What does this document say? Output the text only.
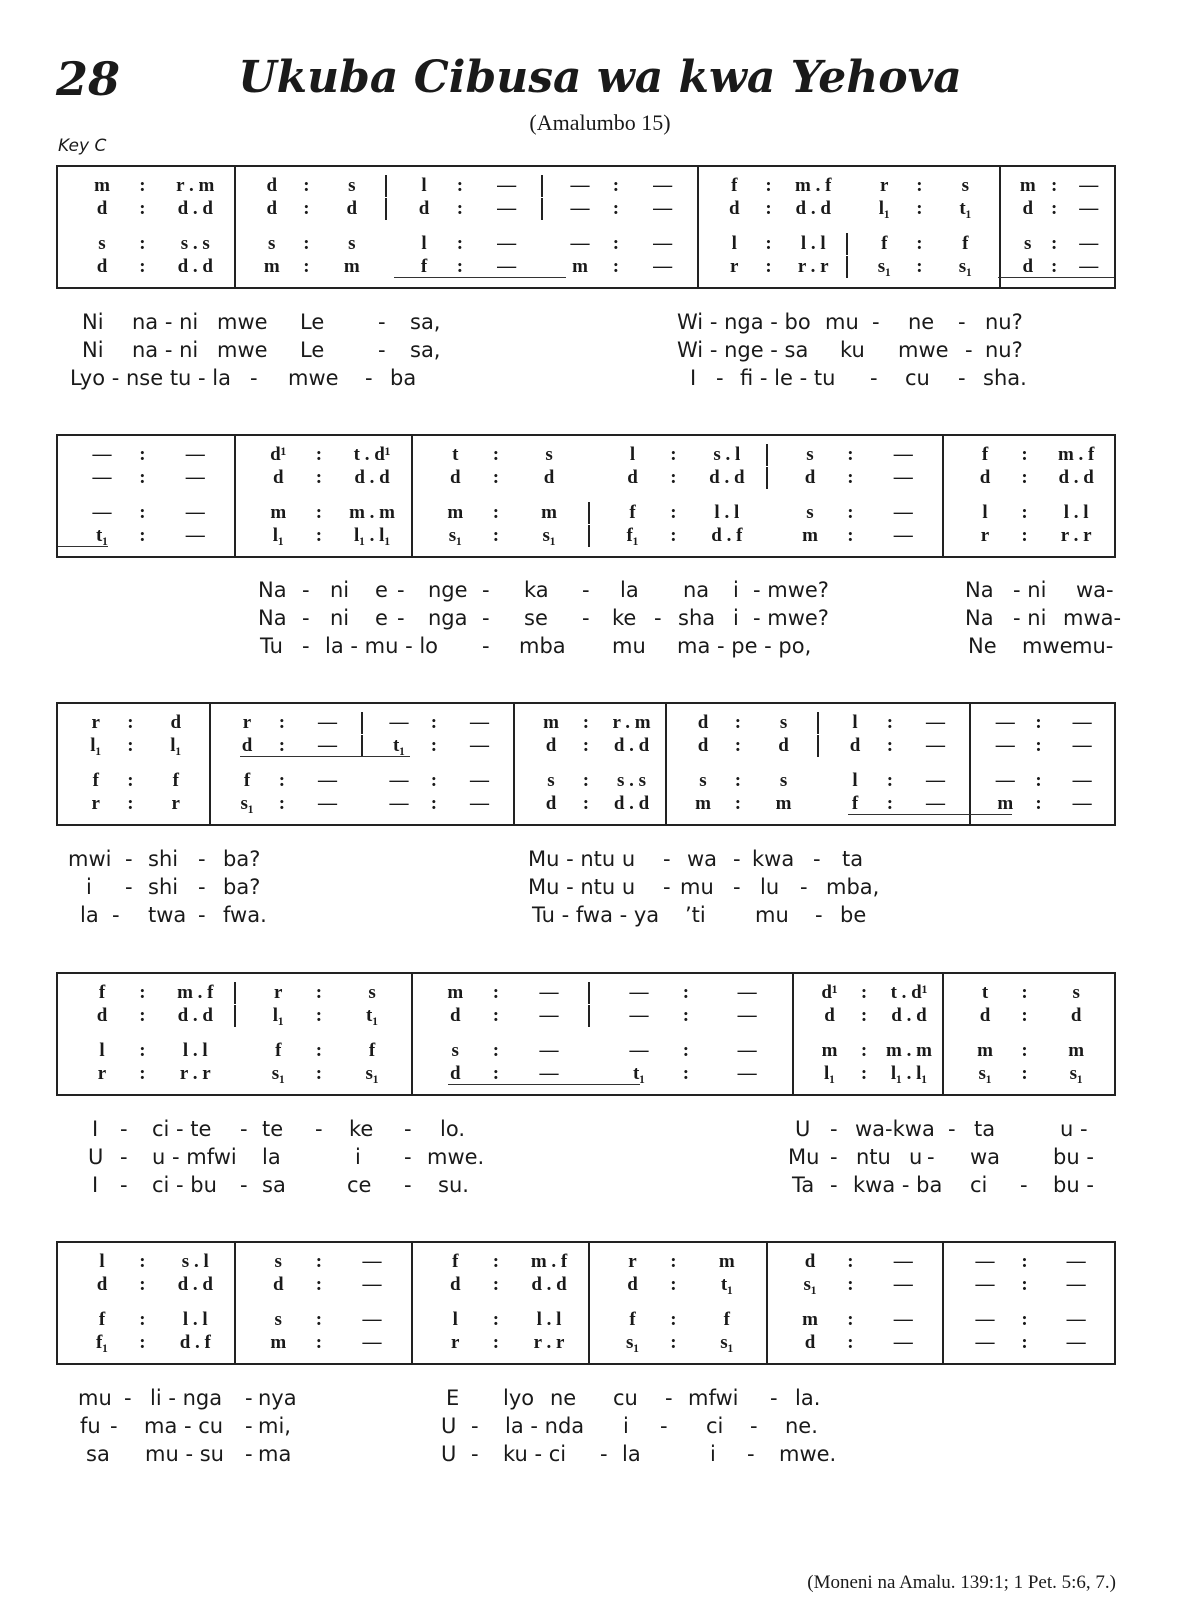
28	Ukuba Cibusa wa kwa Yehova
(Amalumbo 15)
Key C
m	:	r . m	d	:	s	l	:	—	—	:	—	f	:	m . f	r	:	s	m :	—
d	:	d . d	d	:	d	d	:	—	—	:	—	d	:	d . d	l₁	:	t₁	d :	—
s	:	s . s	s	:	s	l	:	—	—	:	—	l	:	l . l	f	:	f	s	:	—
d	:	d . d	m	:	m	f	:	—	m	:	—	r	:	r . r	s₁	:	s₁	d :	—
Ni na - ni mwe Le	- sa,	Wi - nga - bo mu - ne - nu?
Ni na - ni mwe Le	- sa,	Wi - nge - sa ku mwe - nu?
Lyo - nse tu - la - mwe - ba	I - fi - le - tu - cu - sha.
—	:	—	d¹	:	t . d¹	t	:	s	l	:	s . l	s	:	—	f	:	m . f
—	:	—	d	:	d . d	d	:	d	d	:	d . d	d	:	—	d	:	d . d
—	:	—	m	:	m . m	m	:	m	f	:	l . l	s	:	—	l	:	l . l
t₁	:	—	l₁	:	l₁ . l₁	s₁	:	s₁	f₁	:	d . f	m	:	—	r	:	r . r
Na - ni e - nge - ka - la na i - mwe?	Na - ni wa-
Na - ni e - nga - se - ke - sha i - mwe?	Na - ni mwa-
Tu - la - mu - lo - mba mu ma - pe - po,	Ne mwe mu-
r	:	d	r	:	—	—	:	—	m	:	r . m	d	:	s	l	:	—	—	:	—
l₁	:	l₁	d	:	—	t₁	:	—	d	:	d . d	d	:	d	d	:	—	—	:	—
f	:	f	f	:	—	—	:	—	s	:	s . s	s	:	s	l	:	—	—	:	—
r	:	r	s₁	:	—	—	:	—	d	:	d . d	m	:	m	f	:	—	m	:	—
mwi - shi - ba?	Mu - ntu u - wa - kwa - ta
i - shi - ba?	Mu - ntu u - mu - lu - mba,
la - twa - fwa.	Tu - fwa - ya ’ti mu - be
f	:	m . f	r	:	s	m	:	—	—	:	—	d¹	:	t . d¹	t	:	s
d	:	d . d	l₁	:	t₁	d	:	—	—	:	—	d	:	d . d	d	:	d
l	:	l . l	f	:	f	s	:	—	—	:	—	m	: m . m	m	:	m
r	:	r . r	s₁	:	s₁	d	:	—	t₁	:	—	l₁	:	l₁ . l₁	s₁	:	s₁
I - ci - te - te - ke - lo.	U - wa-kwa - ta	u -
U - u - mfwi la	i - mwe.	Mu - ntu u - wa	bu -
I - ci - bu - sa	ce - su.	Ta - kwa - ba ci - bu -
l	:	s . l	s	:	—	f	:	m . f	r	:	m	d	:	—	—	:	—
d	:	d . d	d	:	—	d	:	d . d	d	:	t₁	s₁	:	—	—	:	—
f	:	l . l	s	:	—	l	:	l . l	f	:	f	m	:	—	—	:	—
f₁	:	d . f	m	:	—	r	:	r . r	s₁	:	s₁	d	:	—	—	:	—
mu - li - nga - nya	E lyo ne cu - mfwi - la.
fu - ma - cu - mi,	U - la - nda i - ci - ne.
sa mu - su - ma	U - ku - ci - la	i - mwe.
(Moneni na Amalu. 139:1; 1 Pet. 5:6, 7.)
